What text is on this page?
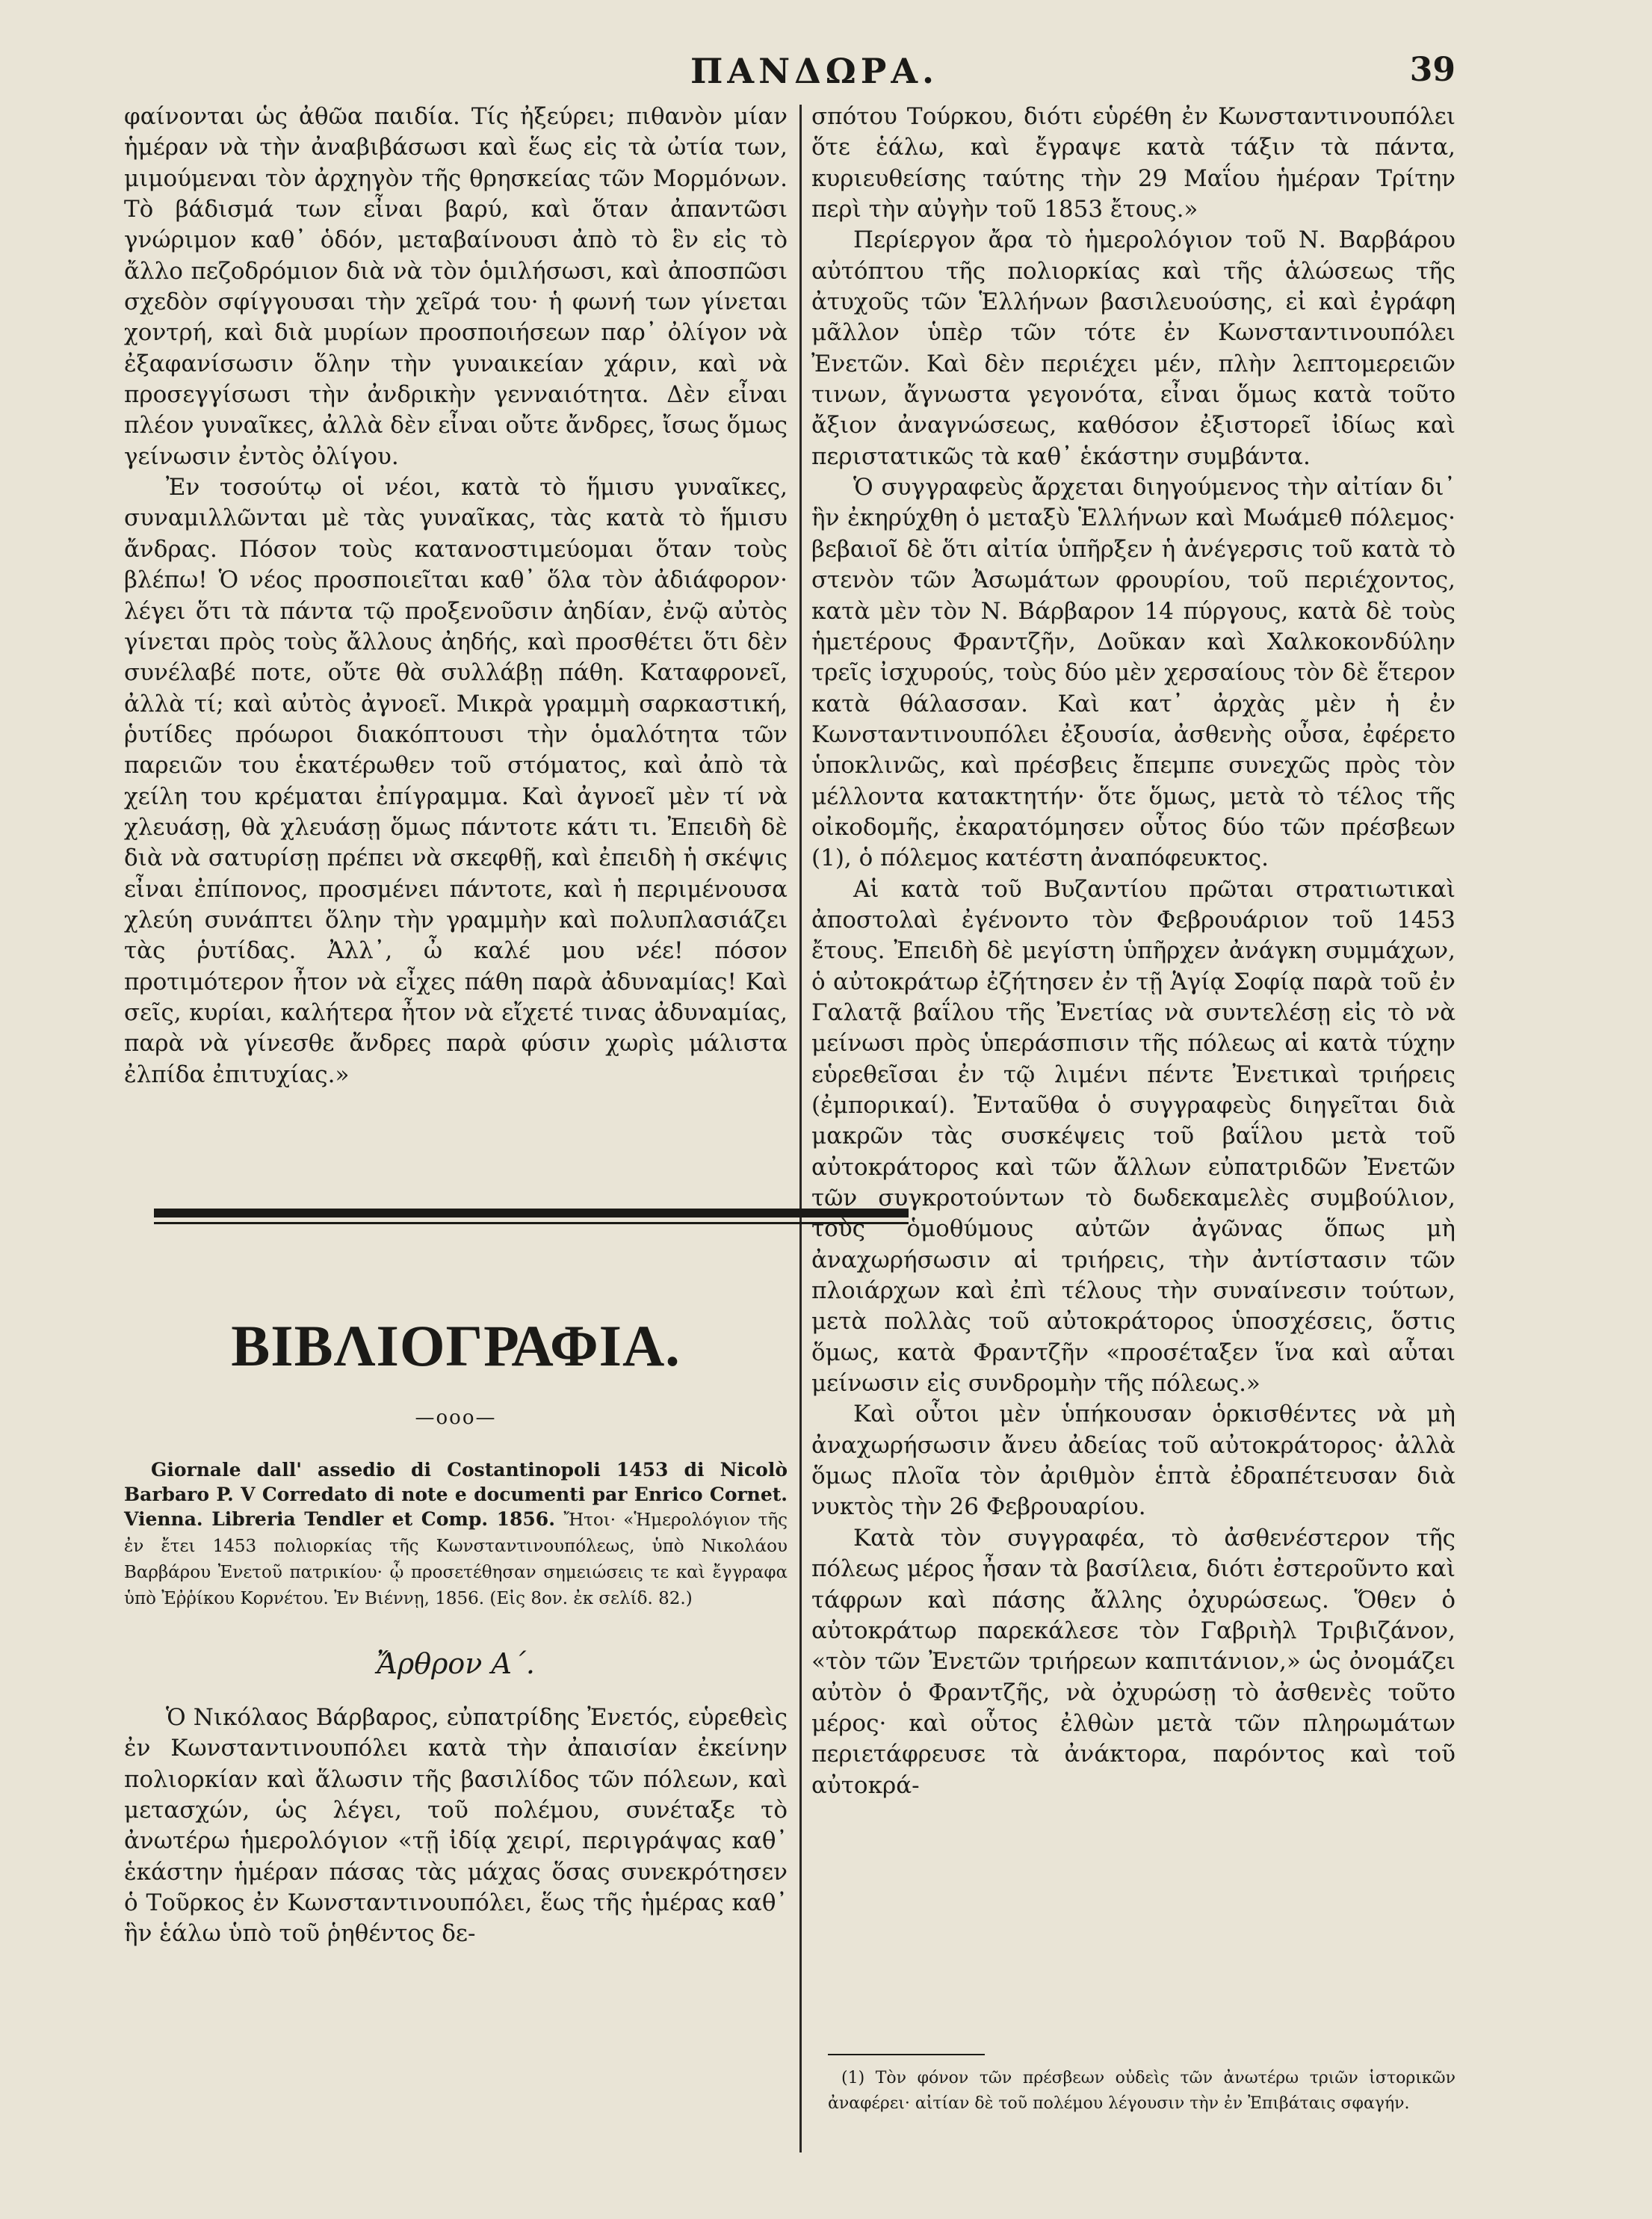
ΠΑΝΔΩΡΑ.	39

φαίνονται ὡς ἀθῶα παιδία. Τίς ἠξεύρει; πιθανὸν μίαν ἡμέραν νὰ τὴν ἀναβιβάσωσι καὶ ἕως εἰς τὰ ὠτία των, μιμούμεναι τὸν ἀρχηγὸν τῆς θρησκείας τῶν Μορμόνων. Τὸ βάδισμά των εἶναι βαρύ, καὶ ὅταν ἀπαντῶσι γνώριμον καθ᾽ ὁδόν, μεταβαίνουσι ἀπὸ τὸ ἓν εἰς τὸ ἄλλο πεζοδρόμιον διὰ νὰ τὸν ὁμιλήσωσι, καὶ ἀποσπῶσι σχεδὸν σφίγγουσαι τὴν χεῖρά του· ἡ φωνή των γίνεται χοντρή, καὶ διὰ μυρίων προσποιήσεων παρ᾽ ὀλίγον νὰ ἐξαφανίσωσιν ὅλην τὴν γυναικείαν χάριν, καὶ νὰ προσεγγίσωσι τὴν ἀνδρικὴν γενναιότητα. Δὲν εἶναι πλέον γυναῖκες, ἀλλὰ δὲν εἶναι οὔτε ἄνδρες, ἴσως ὅμως γείνωσιν ἐντὸς ὀλίγου.

Ἐν τοσούτῳ οἱ νέοι, κατὰ τὸ ἥμισυ γυναῖκες, συναμιλλῶνται μὲ τὰς γυναῖκας, τὰς κατὰ τὸ ἥμισυ ἄνδρας. Πόσον τοὺς κατανοστιμεύομαι ὅταν τοὺς βλέπω! Ὁ νέος προσποιεῖται καθ᾽ ὅλα τὸν ἀδιάφορον· λέγει ὅτι τὰ πάντα τῷ προξενοῦσιν ἀηδίαν, ἐνῷ αὐτὸς γίνεται πρὸς τοὺς ἄλλους ἀηδής, καὶ προσθέτει ὅτι δὲν συνέλαβέ ποτε, οὔτε θὰ συλλάβῃ πάθη. Καταφρονεῖ, ἀλλὰ τί; καὶ αὐτὸς ἀγνοεῖ. Μικρὰ γραμμὴ σαρκαστική, ῥυτίδες πρόωροι διακόπτουσι τὴν ὁμαλότητα τῶν παρειῶν του ἑκατέρωθεν τοῦ στόματος, καὶ ἀπὸ τὰ χείλη του κρέμαται ἐπίγραμμα. Καὶ ἀγνοεῖ μὲν τί νὰ χλευάσῃ, θὰ χλευάσῃ ὅμως πάντοτε κάτι τι. Ἐπειδὴ δὲ διὰ νὰ σατυρίσῃ πρέπει νὰ σκεφθῇ, καὶ ἐπειδὴ ἡ σκέψις εἶναι ἐπίπονος, προσμένει πάντοτε, καὶ ἡ περιμένουσα χλεύη συνάπτει ὅλην τὴν γραμμὴν καὶ πολυπλασιάζει τὰς ῥυτίδας. Ἀλλ᾽, ὦ καλέ μου νέε! πόσον προτιμότερον ἦτον νὰ εἶχες πάθη παρὰ ἀδυναμίας! Καὶ σεῖς, κυρίαι, καλήτερα ἦτον νὰ εἴχετέ τινας ἀδυναμίας, παρὰ νὰ γίνεσθε ἄνδρες παρὰ φύσιν χωρὶς μάλιστα ἐλπίδα ἐπιτυχίας.»

ΒΙΒΛΙΟΓΡΑΦΙΑ.
—οοο—

Giornale dall' assedio di Costantinopoli 1453 di Nicolò Barbaro P. V Corredato di note e documenti par Enrico Cornet. Vienna. Libreria Tendler et Comp. 1856. Ἤτοι· «Ἡμερολόγιον τῆς ἐν ἔτει 1453 πολιορκίας τῆς Κωνσταντινουπόλεως, ὑπὸ Νικολάου Βαρβάρου Ἐνετοῦ πατρικίου· ᾧ προσετέθησαν σημειώσεις τε καὶ ἔγγραφα ὑπὸ Ἐῤῥίκου Κορνέτου. Ἐν Βιέννῃ, 1856. (Εἰς 8ον. ἐκ σελίδ. 82.)

Ἄρθρον Α΄.

Ὁ Νικόλαος Βάρβαρος, εὐπατρίδης Ἐνετός, εὑρεθεὶς ἐν Κωνσταντινουπόλει κατὰ τὴν ἀπαισίαν ἐκείνην πολιορκίαν καὶ ἅλωσιν τῆς βασιλίδος τῶν πόλεων, καὶ μετασχών, ὡς λέγει, τοῦ πολέμου, συνέταξε τὸ ἀνωτέρω ἡμερολόγιον «τῇ ἰδίᾳ χειρί, περιγράψας καθ᾽ ἑκάστην ἡμέραν πάσας τὰς μάχας ὅσας συνεκρότησεν ὁ Τοῦρκος ἐν Κωνσταντινουπόλει, ἕως τῆς ἡμέρας καθ᾽ ἣν ἑάλω ὑπὸ τοῦ ῥηθέντος δε-

σπότου Τούρκου, διότι εὑρέθη ἐν Κωνσταντινουπόλει ὅτε ἑάλω, καὶ ἔγραψε κατὰ τάξιν τὰ πάντα, κυριευθείσης ταύτης τὴν 29 Μαΐου ἡμέραν Τρίτην περὶ τὴν αὐγὴν τοῦ 1853 ἔτους.»

Περίεργον ἄρα τὸ ἡμερολόγιον τοῦ Ν. Βαρβάρου αὐτόπτου τῆς πολιορκίας καὶ τῆς ἁλώσεως τῆς ἀτυχοῦς τῶν Ἑλλήνων βασιλευούσης, εἰ καὶ ἐγράφη μᾶλλον ὑπὲρ τῶν τότε ἐν Κωνσταντινουπόλει Ἐνετῶν. Καὶ δὲν περιέχει μέν, πλὴν λεπτομερειῶν τινων, ἄγνωστα γεγονότα, εἶναι ὅμως κατὰ τοῦτο ἄξιον ἀναγνώσεως, καθόσον ἐξιστορεῖ ἰδίως καὶ περιστατικῶς τὰ καθ᾽ ἑκάστην συμβάντα.

Ὁ συγγραφεὺς ἄρχεται διηγούμενος τὴν αἰτίαν δι᾽ ἣν ἐκηρύχθη ὁ μεταξὺ Ἑλλήνων καὶ Μωάμεθ πόλεμος· βεβαιοῖ δὲ ὅτι αἰτία ὑπῆρξεν ἡ ἀνέγερσις τοῦ κατὰ τὸ στενὸν τῶν Ἀσωμάτων φρουρίου, τοῦ περιέχοντος, κατὰ μὲν τὸν Ν. Βάρβαρον 14 πύργους, κατὰ δὲ τοὺς ἡμετέρους Φραντζῆν, Δοῦκαν καὶ Χαλκοκονδύλην τρεῖς ἰσχυρούς, τοὺς δύο μὲν χερσαίους τὸν δὲ ἕτερον κατὰ θάλασσαν. Καὶ κατ᾽ ἀρχὰς μὲν ἡ ἐν Κωνσταντινουπόλει ἐξουσία, ἀσθενὴς οὖσα, ἐφέρετο ὑποκλινῶς, καὶ πρέσβεις ἔπεμπε συνεχῶς πρὸς τὸν μέλλοντα κατακτητήν· ὅτε ὅμως, μετὰ τὸ τέλος τῆς οἰκοδομῆς, ἐκαρατόμησεν οὗτος δύο τῶν πρέσβεων (1), ὁ πόλεμος κατέστη ἀναπόφευκτος.

Αἱ κατὰ τοῦ Βυζαντίου πρῶται στρατιωτικαὶ ἀποστολαὶ ἐγένοντο τὸν Φεβρουάριον τοῦ 1453 ἔτους. Ἐπειδὴ δὲ μεγίστη ὑπῆρχεν ἀνάγκη συμμάχων, ὁ αὐτοκράτωρ ἐζήτησεν ἐν τῇ Ἁγίᾳ Σοφίᾳ παρὰ τοῦ ἐν Γαλατᾷ βαΐλου τῆς Ἐνετίας νὰ συντελέσῃ εἰς τὸ νὰ μείνωσι πρὸς ὑπεράσπισιν τῆς πόλεως αἱ κατὰ τύχην εὑρεθεῖσαι ἐν τῷ λιμένι πέντε Ἐνετικαὶ τριήρεις (ἐμπορικαί). Ἐνταῦθα ὁ συγγραφεὺς διηγεῖται διὰ μακρῶν τὰς συσκέψεις τοῦ βαΐλου μετὰ τοῦ αὐτοκράτορος καὶ τῶν ἄλλων εὐπατριδῶν Ἐνετῶν τῶν συγκροτούντων τὸ δωδεκαμελὲς συμβούλιον, τοὺς ὁμοθύμους αὐτῶν ἀγῶνας ὅπως μὴ ἀναχωρήσωσιν αἱ τριήρεις, τὴν ἀντίστασιν τῶν πλοιάρχων καὶ ἐπὶ τέλους τὴν συναίνεσιν τούτων, μετὰ πολλὰς τοῦ αὐτοκράτορος ὑποσχέσεις, ὅστις ὅμως, κατὰ Φραντζῆν «προσέταξεν ἵνα καὶ αὗται μείνωσιν εἰς συνδρομὴν τῆς πόλεως.»

Καὶ οὗτοι μὲν ὑπήκουσαν ὁρκισθέντες νὰ μὴ ἀναχωρήσωσιν ἄνευ ἀδείας τοῦ αὐτοκράτορος· ἀλλὰ ὅμως πλοῖα τὸν ἀριθμὸν ἑπτὰ ἐδραπέτευσαν διὰ νυκτὸς τὴν 26 Φεβρουαρίου.

Κατὰ τὸν συγγραφέα, τὸ ἀσθενέστερον τῆς πόλεως μέρος ἦσαν τὰ βασίλεια, διότι ἐστεροῦντο καὶ τάφρων καὶ πάσης ἄλλης ὀχυρώσεως. Ὅθεν ὁ αὐτοκράτωρ παρεκάλεσε τὸν Γαβριὴλ Τριβιζάνον, «τὸν τῶν Ἐνετῶν τριήρεων καπιτάνιον,» ὡς ὀνομάζει αὐτὸν ὁ Φραντζῆς, νὰ ὀχυρώσῃ τὸ ἀσθενὲς τοῦτο μέρος· καὶ οὗτος ἐλθὼν μετὰ τῶν πληρωμάτων περιετάφρευσε τὰ ἀνάκτορα, παρόντος καὶ τοῦ αὐτοκρά-

(1) Τὸν φόνον τῶν πρέσβεων οὐδεὶς τῶν ἀνωτέρω τριῶν ἱστορικῶν ἀναφέρει· αἰτίαν δὲ τοῦ πολέμου λέγουσιν τὴν ἐν Ἐπιβάταις σφαγήν.
